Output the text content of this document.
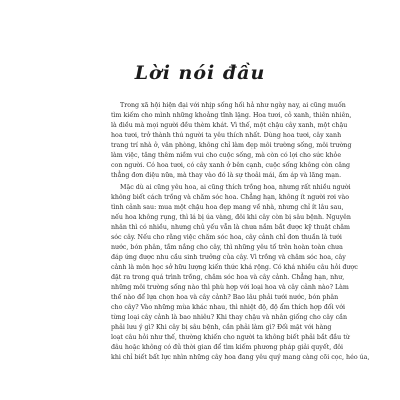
Lời nói đầu
Trong xã hội hiện đại với nhịp sống hối hả như ngày nay, ai cũng muốn
tìm kiếm cho mình những khoảng tĩnh lặng. Hoa tươi, cỏ xanh, thiên nhiên,
là điều mà mọi người đều thèm khát. Vì thế, một chậu cây xanh, một chậu
hoa tươi, trở thành thú người ta yêu thích nhất. Dùng hoa tươi, cây xanh
trang trí nhà ở, văn phòng, không chỉ làm đẹp môi trường sống, môi trường
làm việc, tăng thêm niềm vui cho cuộc sống, mà còn có lợi cho sức khỏe
con người. Có hoa tươi, có cây xanh ở bên cạnh, cuộc sống không còn căng
thẳng đơn điệu nữa, mà thay vào đó là sự thoải mái, ấm áp và lãng mạn.
Mặc dù ai cũng yêu hoa, ai cũng thích trồng hoa, nhưng rất nhiều người
không biết cách trồng và chăm sóc hoa. Chẳng hạn, không ít người rơi vào
tình cảnh sau: mua một chậu hoa đẹp mang về nhà, nhưng chỉ ít lâu sau,
nếu hoa không rụng, thì lá bị úa vàng, đôi khi cây còn bị sâu bệnh. Nguyên
nhân thì có nhiều, nhưng chủ yếu vẫn là chưa nắm bắt được kỹ thuật chăm
sóc cây. Nếu cho rằng việc chăm sóc hoa, cây cảnh chỉ đơn thuần là tưới
nước, bón phân, tắm nắng cho cây, thì những yêu tố trên hoàn toàn chưa
đáp ứng được nhu cầu sinh trưởng của cây. Vì trồng và chăm sóc hoa, cây
cảnh là môn học sở hữu lượng kiến thức khá rộng. Có khá nhiều câu hỏi được
đặt ra trong quá trình trồng, chăm sóc hoa và cây cảnh. Chẳng hạn, như,
những môi trường sống nào thì phù hợp với loại hoa và cây cảnh nào? Làm
thế nào để lựa chọn hoa và cây cảnh? Bao lâu phải tưới nước, bón phân
cho cây? Vào những mùa khác nhau, thì nhiệt độ, độ ẩm thích hợp đối với
từng loại cây cảnh là bao nhiêu? Khi thay chậu và nhân giống cho cây cần
phải lưu ý gì? Khi cây bị sâu bệnh, cần phải làm gì? Đối mặt với hàng
loạt câu hỏi như thế, thường khiến cho người ta không biết phải bắt đầu từ
đâu hoặc không có đủ thời gian để tìm kiếm phương pháp giải quyết, đôi
khi chỉ biết bất lực nhìn những cây hoa đang yêu quý mang càng cõi cọc, héo úa,
